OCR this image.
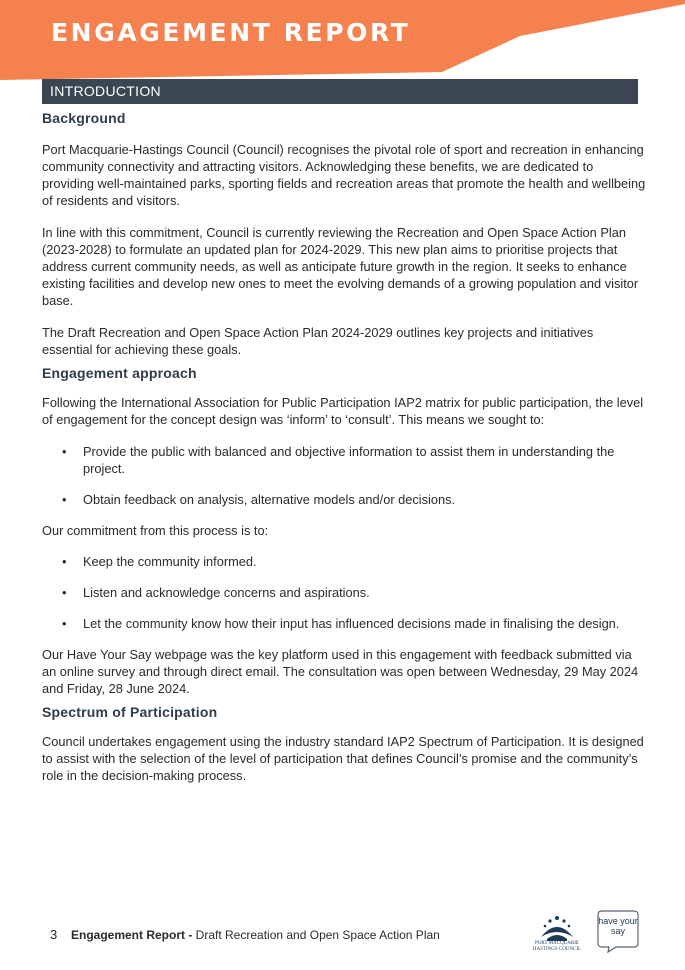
ENGAGEMENT REPORT
INTRODUCTION
Background

Port Macquarie-Hastings Council (Council) recognises the pivotal role of sport and recreation in enhancing community connectivity and attracting visitors. Acknowledging these benefits, we are dedicated to providing well-maintained parks, sporting fields and recreation areas that promote the health and wellbeing of residents and visitors.

In line with this commitment, Council is currently reviewing the Recreation and Open Space Action Plan (2023-2028) to formulate an updated plan for 2024-2029. This new plan aims to prioritise projects that address current community needs, as well as anticipate future growth in the region. It seeks to enhance existing facilities and develop new ones to meet the evolving demands of a growing population and visitor base.

The Draft Recreation and Open Space Action Plan 2024-2029 outlines key projects and initiatives essential for achieving these goals.

Engagement approach

Following the International Association for Public Participation IAP2 matrix for public participation, the level of engagement for the concept design was ‘inform’ to ‘consult’. This means we sought to:

• Provide the public with balanced and objective information to assist them in understanding the project.
• Obtain feedback on analysis, alternative models and/or decisions.

Our commitment from this process is to:

• Keep the community informed.
• Listen and acknowledge concerns and aspirations.
• Let the community know how their input has influenced decisions made in finalising the design.

Our Have Your Say webpage was the key platform used in this engagement with feedback submitted via an online survey and through direct email. The consultation was open between Wednesday, 29 May 2024 and Friday, 28 June 2024.

Spectrum of Participation

Council undertakes engagement using the industry standard IAP2 Spectrum of Participation. It is designed to assist with the selection of the level of participation that defines Council’s promise and the community’s role in the decision-making process.

3 Engagement Report - Draft Recreation and Open Space Action Plan
PORT MACQUARIE HASTINGS COUNCIL
have your say
